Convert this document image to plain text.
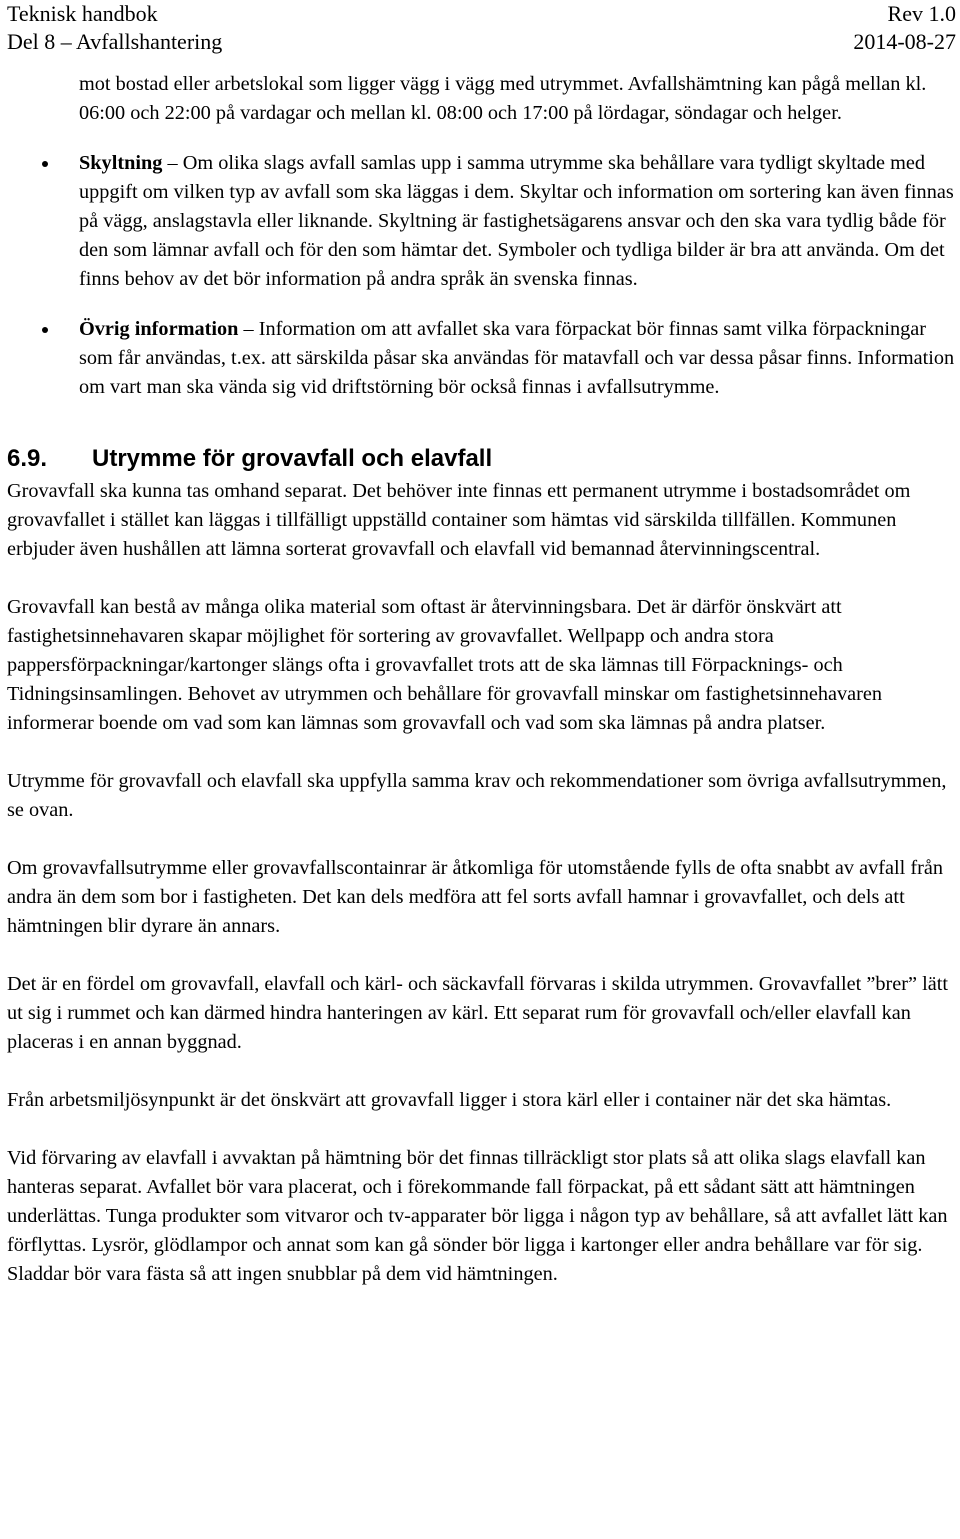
Teknisk handbok	Rev 1.0
Del 8 – Avfallshantering	2014-08-27

mot bostad eller arbetslokal som ligger vägg i vägg med utrymmet. Avfallshämtning kan pågå mellan kl. 06:00 och 22:00 på vardagar och mellan kl. 08:00 och 17:00 på lördagar, söndagar och helger.

Skyltning – Om olika slags avfall samlas upp i samma utrymme ska behållare vara tydligt skyltade med uppgift om vilken typ av avfall som ska läggas i dem. Skyltar och information om sortering kan även finnas på vägg, anslagstavla eller liknande. Skyltning är fastighetsägarens ansvar och den ska vara tydlig både för den som lämnar avfall och för den som hämtar det. Symboler och tydliga bilder är bra att använda. Om det finns behov av det bör information på andra språk än svenska finnas.
Övrig information – Information om att avfallet ska vara förpackat bör finnas samt vilka förpackningar som får användas, t.ex. att särskilda påsar ska användas för matavfall och var dessa påsar finns. Information om vart man ska vända sig vid driftstörning bör också finnas i avfallsutrymme.
6.9.	Utrymme för grovavfall och elavfall

Grovavfall ska kunna tas omhand separat. Det behöver inte finnas ett permanent utrymme i bostadsområdet om grovavfallet i stället kan läggas i tillfälligt uppställd container som hämtas vid särskilda tillfällen. Kommunen erbjuder även hushållen att lämna sorterat grovavfall och elavfall vid bemannad återvinningscentral.

Grovavfall kan bestå av många olika material som oftast är återvinningsbara. Det är därför önskvärt att fastighetsinnehavaren skapar möjlighet för sortering av grovavfallet. Wellpapp och andra stora pappersförpackningar/kartonger slängs ofta i grovavfallet trots att de ska lämnas till Förpacknings- och Tidningsinsamlingen. Behovet av utrymmen och behållare för grovavfall minskar om fastighetsinnehavaren informerar boende om vad som kan lämnas som grovavfall och vad som ska lämnas på andra platser.

Utrymme för grovavfall och elavfall ska uppfylla samma krav och rekommendationer som övriga avfallsutrymmen, se ovan.

Om grovavfallsutrymme eller grovavfallscontainrar är åtkomliga för utomstående fylls de ofta snabbt av avfall från andra än dem som bor i fastigheten. Det kan dels medföra att fel sorts avfall hamnar i grovavfallet, och dels att hämtningen blir dyrare än annars.

Det är en fördel om grovavfall, elavfall och kärl- och säckavfall förvaras i skilda utrymmen. Grovavfallet ”brer” lätt ut sig i rummet och kan därmed hindra hanteringen av kärl. Ett separat rum för grovavfall och/eller elavfall kan placeras i en annan byggnad.

Från arbetsmiljösynpunkt är det önskvärt att grovavfall ligger i stora kärl eller i container när det ska hämtas.

Vid förvaring av elavfall i avvaktan på hämtning bör det finnas tillräckligt stor plats så att olika slags elavfall kan hanteras separat. Avfallet bör vara placerat, och i förekommande fall förpackat, på ett sådant sätt att hämtningen underlättas. Tunga produkter som vitvaror och tv-apparater bör ligga i någon typ av behållare, så att avfallet lätt kan förflyttas. Lysrör, glödlampor och annat som kan gå sönder bör ligga i kartonger eller andra behållare var för sig. Sladdar bör vara fästa så att ingen snubblar på dem vid hämtningen.
